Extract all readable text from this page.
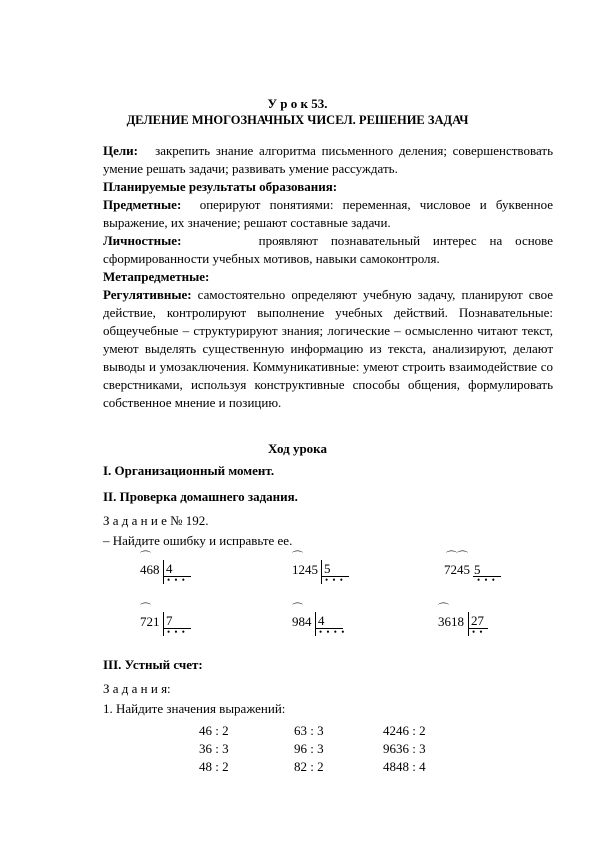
У р о к 53.
ДЕЛЕНИЕ МНОГОЗНАЧНЫХ ЧИСЕЛ. РЕШЕНИЕ ЗАДАЧ
Цели: закрепить знание алгоритма письменного деления; совершенствовать умение решать задачи; развивать умение рассуждать.
Планируемые результаты образования:
Предметные: оперируют понятиями: переменная, числовое и буквенное выражение, их значение; решают составные задачи.
Личностные:	проявляют познавательный интерес на основе сформированности учебных мотивов, навыки самоконтроля.
Метапредметные:
Регулятивные: самостоятельно определяют учебную задачу, планируют свое действие, контролируют выполнение учебных действий. Познавательные: общеучебные – структурируют знания; логические – осмысленно читают текст, умеют выделять существенную информацию из текста, анализируют, делают выводы и умозаключения. Коммуникативные: умеют строить взаимодействие со сверстниками, используя конструктивные способы общения, формулировать собственное мнение и позицию.
Ход урока
I. Организационный момент.
II. Проверка домашнего задания.
З а д а н и е № 192.
– Найдите ошибку и исправьте ее.
⌒
468 4
• • •
⌒
1245 5
• • •
⌒⌒
7245 5
• • •
⌒
721 7
• • •
⌒
984 4
• • • •
⌒
3618 27
• •
III. Устный счет:
З а д а н и я:
1. Найдите значения выражений:
46 : 2
36 : 3
48 : 2
63 : 3
96 : 3
82 : 2
4246 : 2
9636 : 3
4848 : 4
